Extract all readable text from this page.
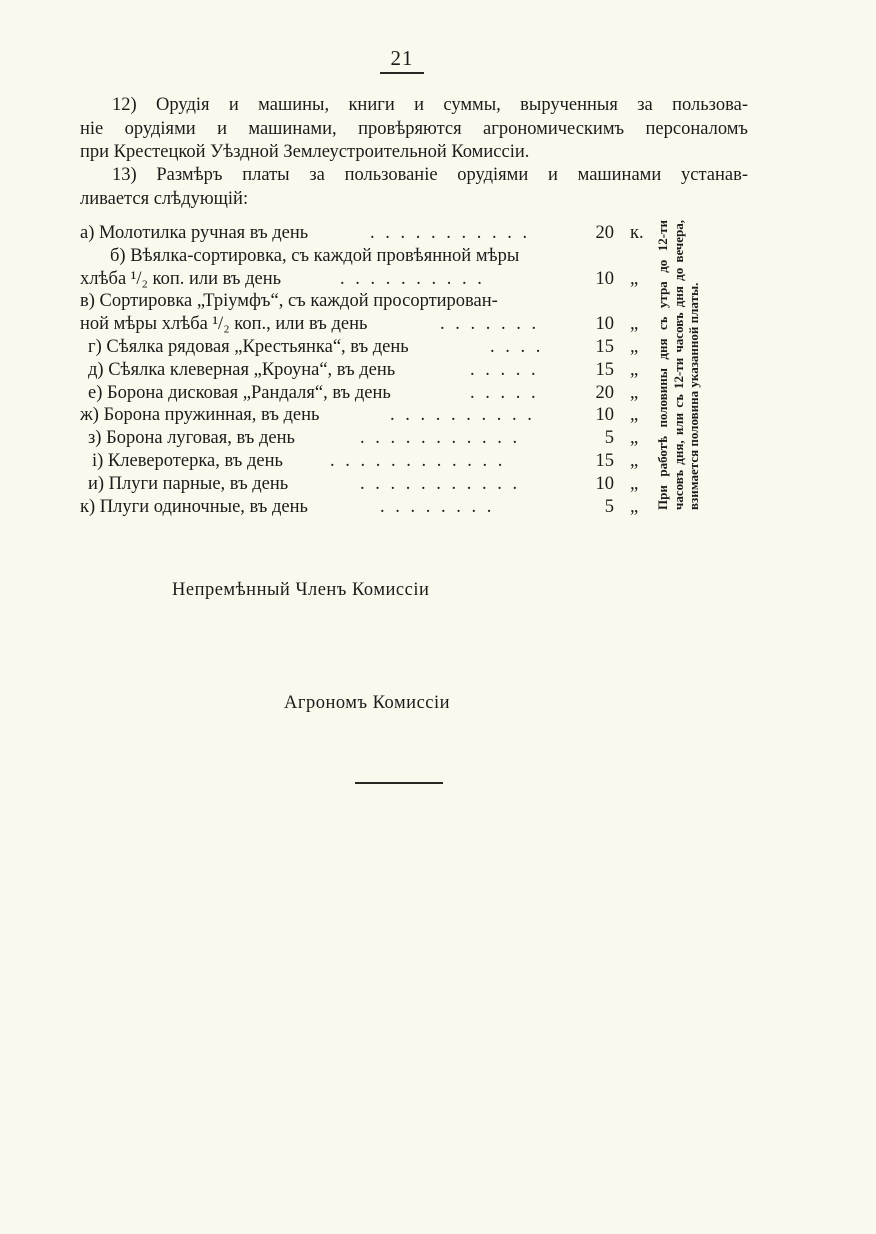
21
12) Орудія и машины, книги и суммы, вырученныя за пользова-
ніе орудіями и машинами, провѣряются агрономическимъ персоналомъ
при Крестецкой Уѣздной Землеустроительной Комиссіи.
13) Размѣръ платы за пользованіе орудіями и машинами устанав-
ливается слѣдующій:
а) Молотилка ручная въ день	. . . . . . . . . . .	20 к.
б) Вѣялка-сортировка, съ каждой провѣянной мѣры
хлѣба ¹/₂ коп. или въ день	. . . . . . . . . .	10 „
в) Сортировка „Тріумфъ“, съ каждой просортирован-
ной мѣры хлѣба ¹/₂ коп., или въ день	. . . . . . .	10 „
г) Сѣялка рядовая „Крестьянка“, въ день	. . . .	15 „
д) Сѣялка клеверная „Кроуна“, въ день	. . . . .	15 „
е) Борона дисковая „Рандаля“, въ день	. . . . .	20 „
ж) Борона пружинная, въ день	. . . . . . . . . .	10 „
з) Борона луговая, въ день	. . . . . . . . . . .	5 „
і) Клеверотерка, въ день	. . . . . . . . . . . .	15 „
и) Плуги парные, въ день	. . . . . . . . . . .	10 „
к) Плуги одиночные, въ день	. . . . . . . .	5 „ При работѣ половины дня съ утра до 12-ти часовъ дня, или съ 12-ти часовъ дня до вечера, взимается половина указанной платы.
Непремѣнный Членъ Комиссіи
Агрономъ Комиссіи
